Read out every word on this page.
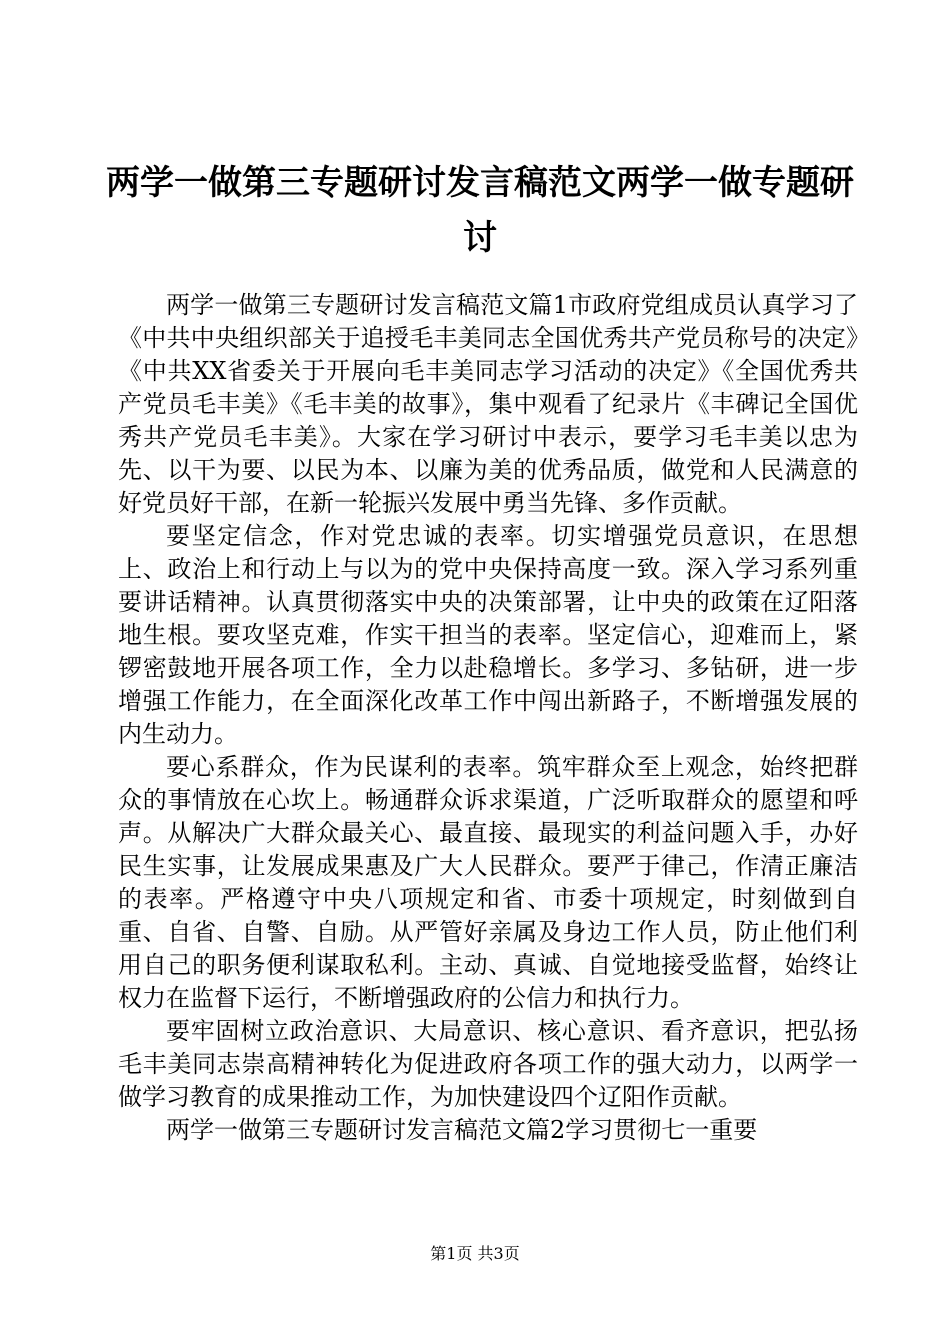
两学一做第三专题研讨发言稿范文两学一做专题研讨

两学一做第三专题研讨发言稿范文篇1市政府党组成员认真学习了《中共中央组织部关于追授毛丰美同志全国优秀共产党员称号的决定》《中共XX省委关于开展向毛丰美同志学习活动的决定》《全国优秀共产党员毛丰美》《毛丰美的故事》，集中观看了纪录片《丰碑记全国优秀共产党员毛丰美》。大家在学习研讨中表示，要学习毛丰美以忠为先、以干为要、以民为本、以廉为美的优秀品质，做党和人民满意的好党员好干部，在新一轮振兴发展中勇当先锋、多作贡献。

要坚定信念，作对党忠诚的表率。切实增强党员意识，在思想上、政治上和行动上与以为的党中央保持高度一致。深入学习系列重要讲话精神。认真贯彻落实中央的决策部署，让中央的政策在辽阳落地生根。要攻坚克难，作实干担当的表率。坚定信心，迎难而上，紧锣密鼓地开展各项工作，全力以赴稳增长。多学习、多钻研，进一步增强工作能力，在全面深化改革工作中闯出新路子，不断增强发展的内生动力。

要心系群众，作为民谋利的表率。筑牢群众至上观念，始终把群众的事情放在心坎上。畅通群众诉求渠道，广泛听取群众的愿望和呼声。从解决广大群众最关心、最直接、最现实的利益问题入手，办好民生实事，让发展成果惠及广大人民群众。要严于律己，作清正廉洁的表率。严格遵守中央八项规定和省、市委十项规定，时刻做到自重、自省、自警、自励。从严管好亲属及身边工作人员，防止他们利用自己的职务便利谋取私利。主动、真诚、自觉地接受监督，始终让权力在监督下运行，不断增强政府的公信力和执行力。

要牢固树立政治意识、大局意识、核心意识、看齐意识，把弘扬毛丰美同志崇高精神转化为促进政府各项工作的强大动力，以两学一做学习教育的成果推动工作，为加快建设四个辽阳作贡献。

两学一做第三专题研讨发言稿范文篇2学习贯彻七一重要

第1页 共3页
